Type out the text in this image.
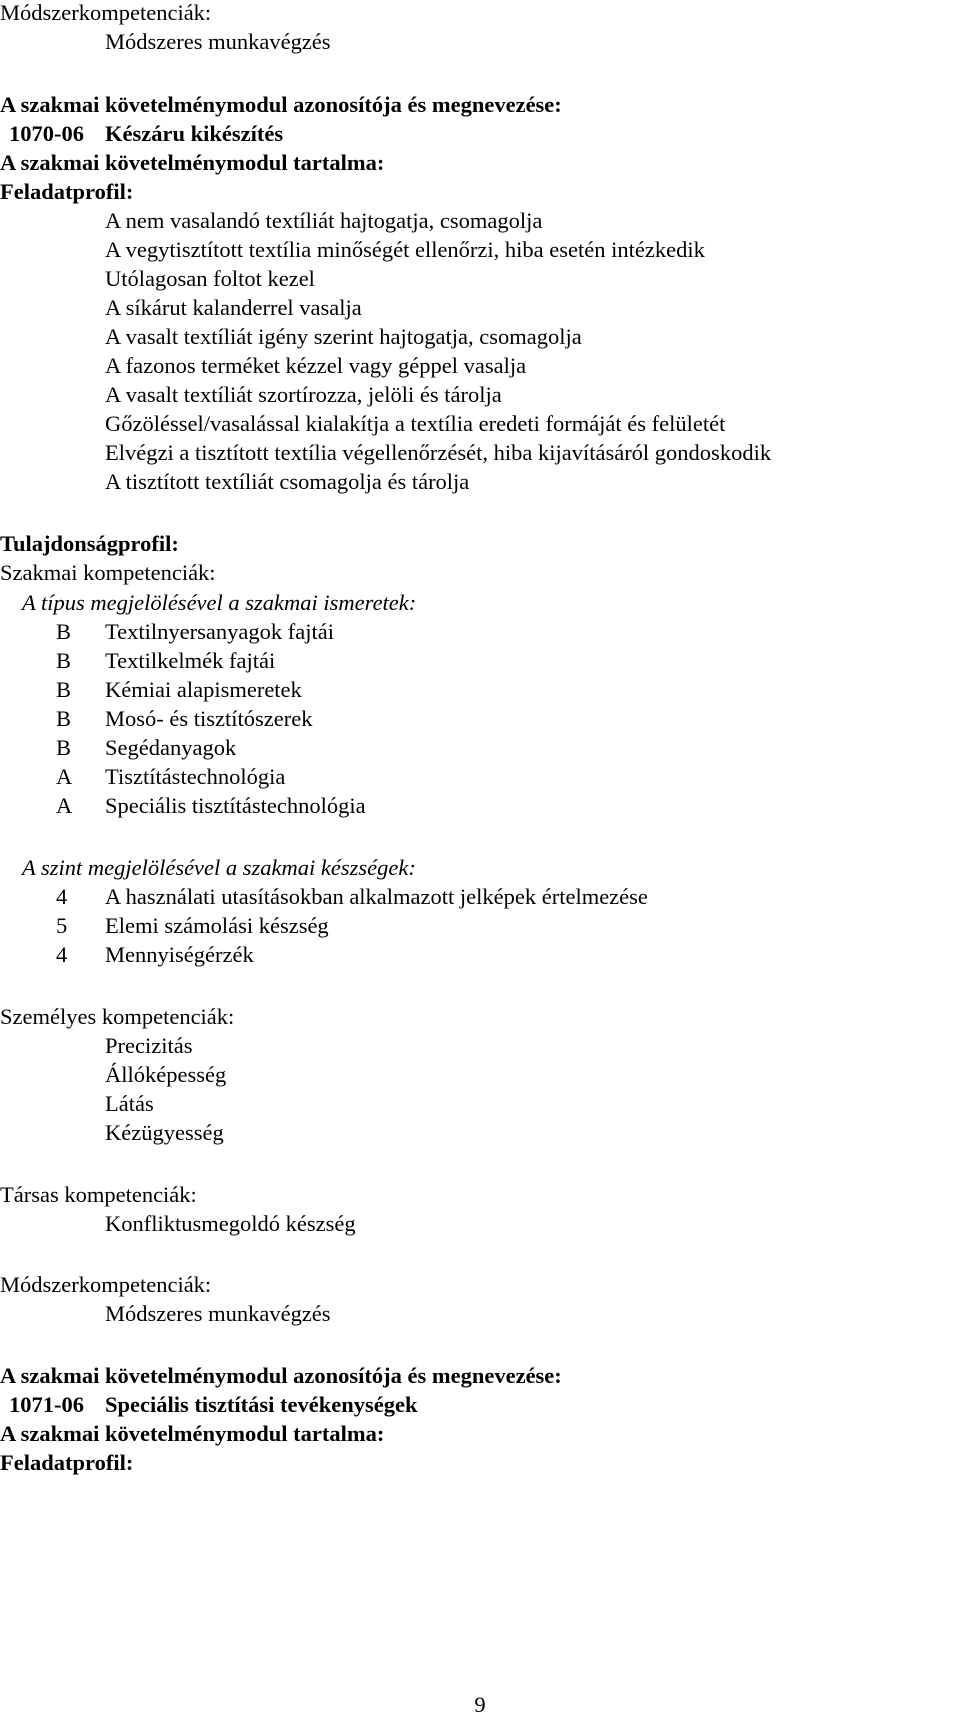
Módszerkompetenciák:
Módszeres munkavégzés
A szakmai követelménymodul azonosítója és megnevezése:
1070-06 Készáru kikészítés
A szakmai követelménymodul tartalma:
Feladatprofil:
A nem vasalandó textíliát hajtogatja, csomagolja
A vegytisztított textília minőségét ellenőrzi, hiba esetén intézkedik
Utólagosan foltot kezel
A síkárut kalanderrel vasalja
A vasalt textíliát igény szerint hajtogatja, csomagolja
A fazonos terméket kézzel vagy géppel vasalja
A vasalt textíliát szortírozza, jelöli és tárolja
Gőzöléssel/vasalással kialakítja a textília eredeti formáját és felületét
Elvégzi a tisztított textília végellenőrzését, hiba kijavításáról gondoskodik
A tisztított textíliát csomagolja és tárolja
Tulajdonságprofil:
Szakmai kompetenciák:
A típus megjelölésével a szakmai ismeretek:
B Textilnyersanyagok fajtái
B Textilkelmék fajtái
B Kémiai alapismeretek
B Mosó- és tisztítószerek
B Segédanyagok
A Tisztítástechnológia
A Speciális tisztítástechnológia
A szint megjelölésével a szakmai készségek:
4 A használati utasításokban alkalmazott jelképek értelmezése
5 Elemi számolási készség
4 Mennyiségérzék
Személyes kompetenciák:
Precizitás
Állóképesség
Látás
Kézügyesség
Társas kompetenciák:
Konfliktusmegoldó készség
Módszerkompetenciák:
Módszeres munkavégzés
A szakmai követelménymodul azonosítója és megnevezése:
1071-06 Speciális tisztítási tevékenységek
A szakmai követelménymodul tartalma:
Feladatprofil:
9
